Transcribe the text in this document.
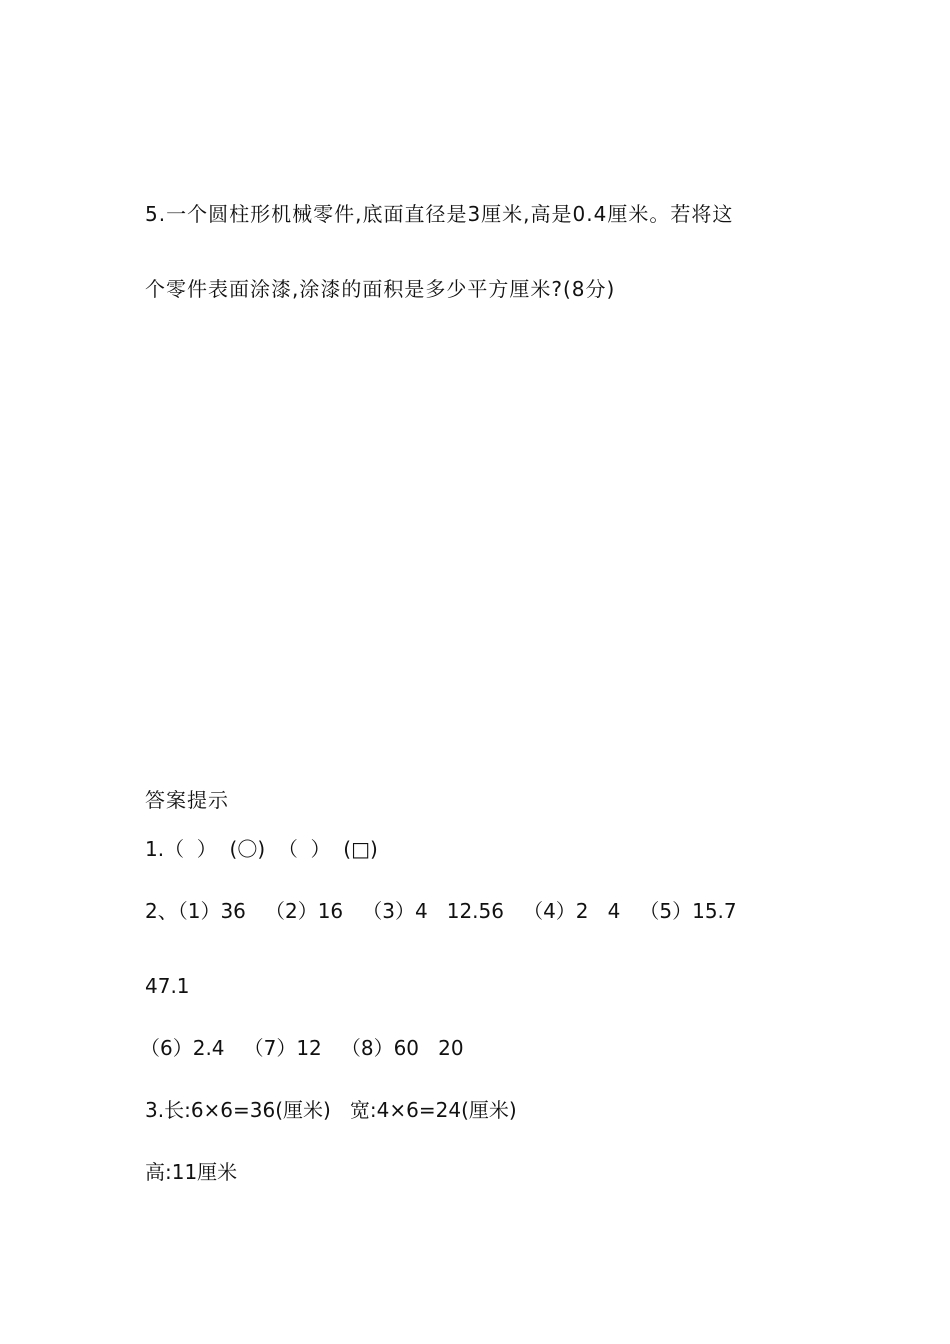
5.一个圆柱形机械零件,底面直径是3厘米,高是0.4厘米。若将这
个零件表面涂漆,涂漆的面积是多少平方厘米?(8分)
答案提示
1.（  ）  (〇)  （  ）  (□)
2、（1）36   （2）16   （3）4   12.56   （4）2   4   （5）15.7
47.1
（6）2.4   （7）12   （8）60   20
3.长:6×6=36(厘米)   宽:4×6=24(厘米)
高:11厘米
